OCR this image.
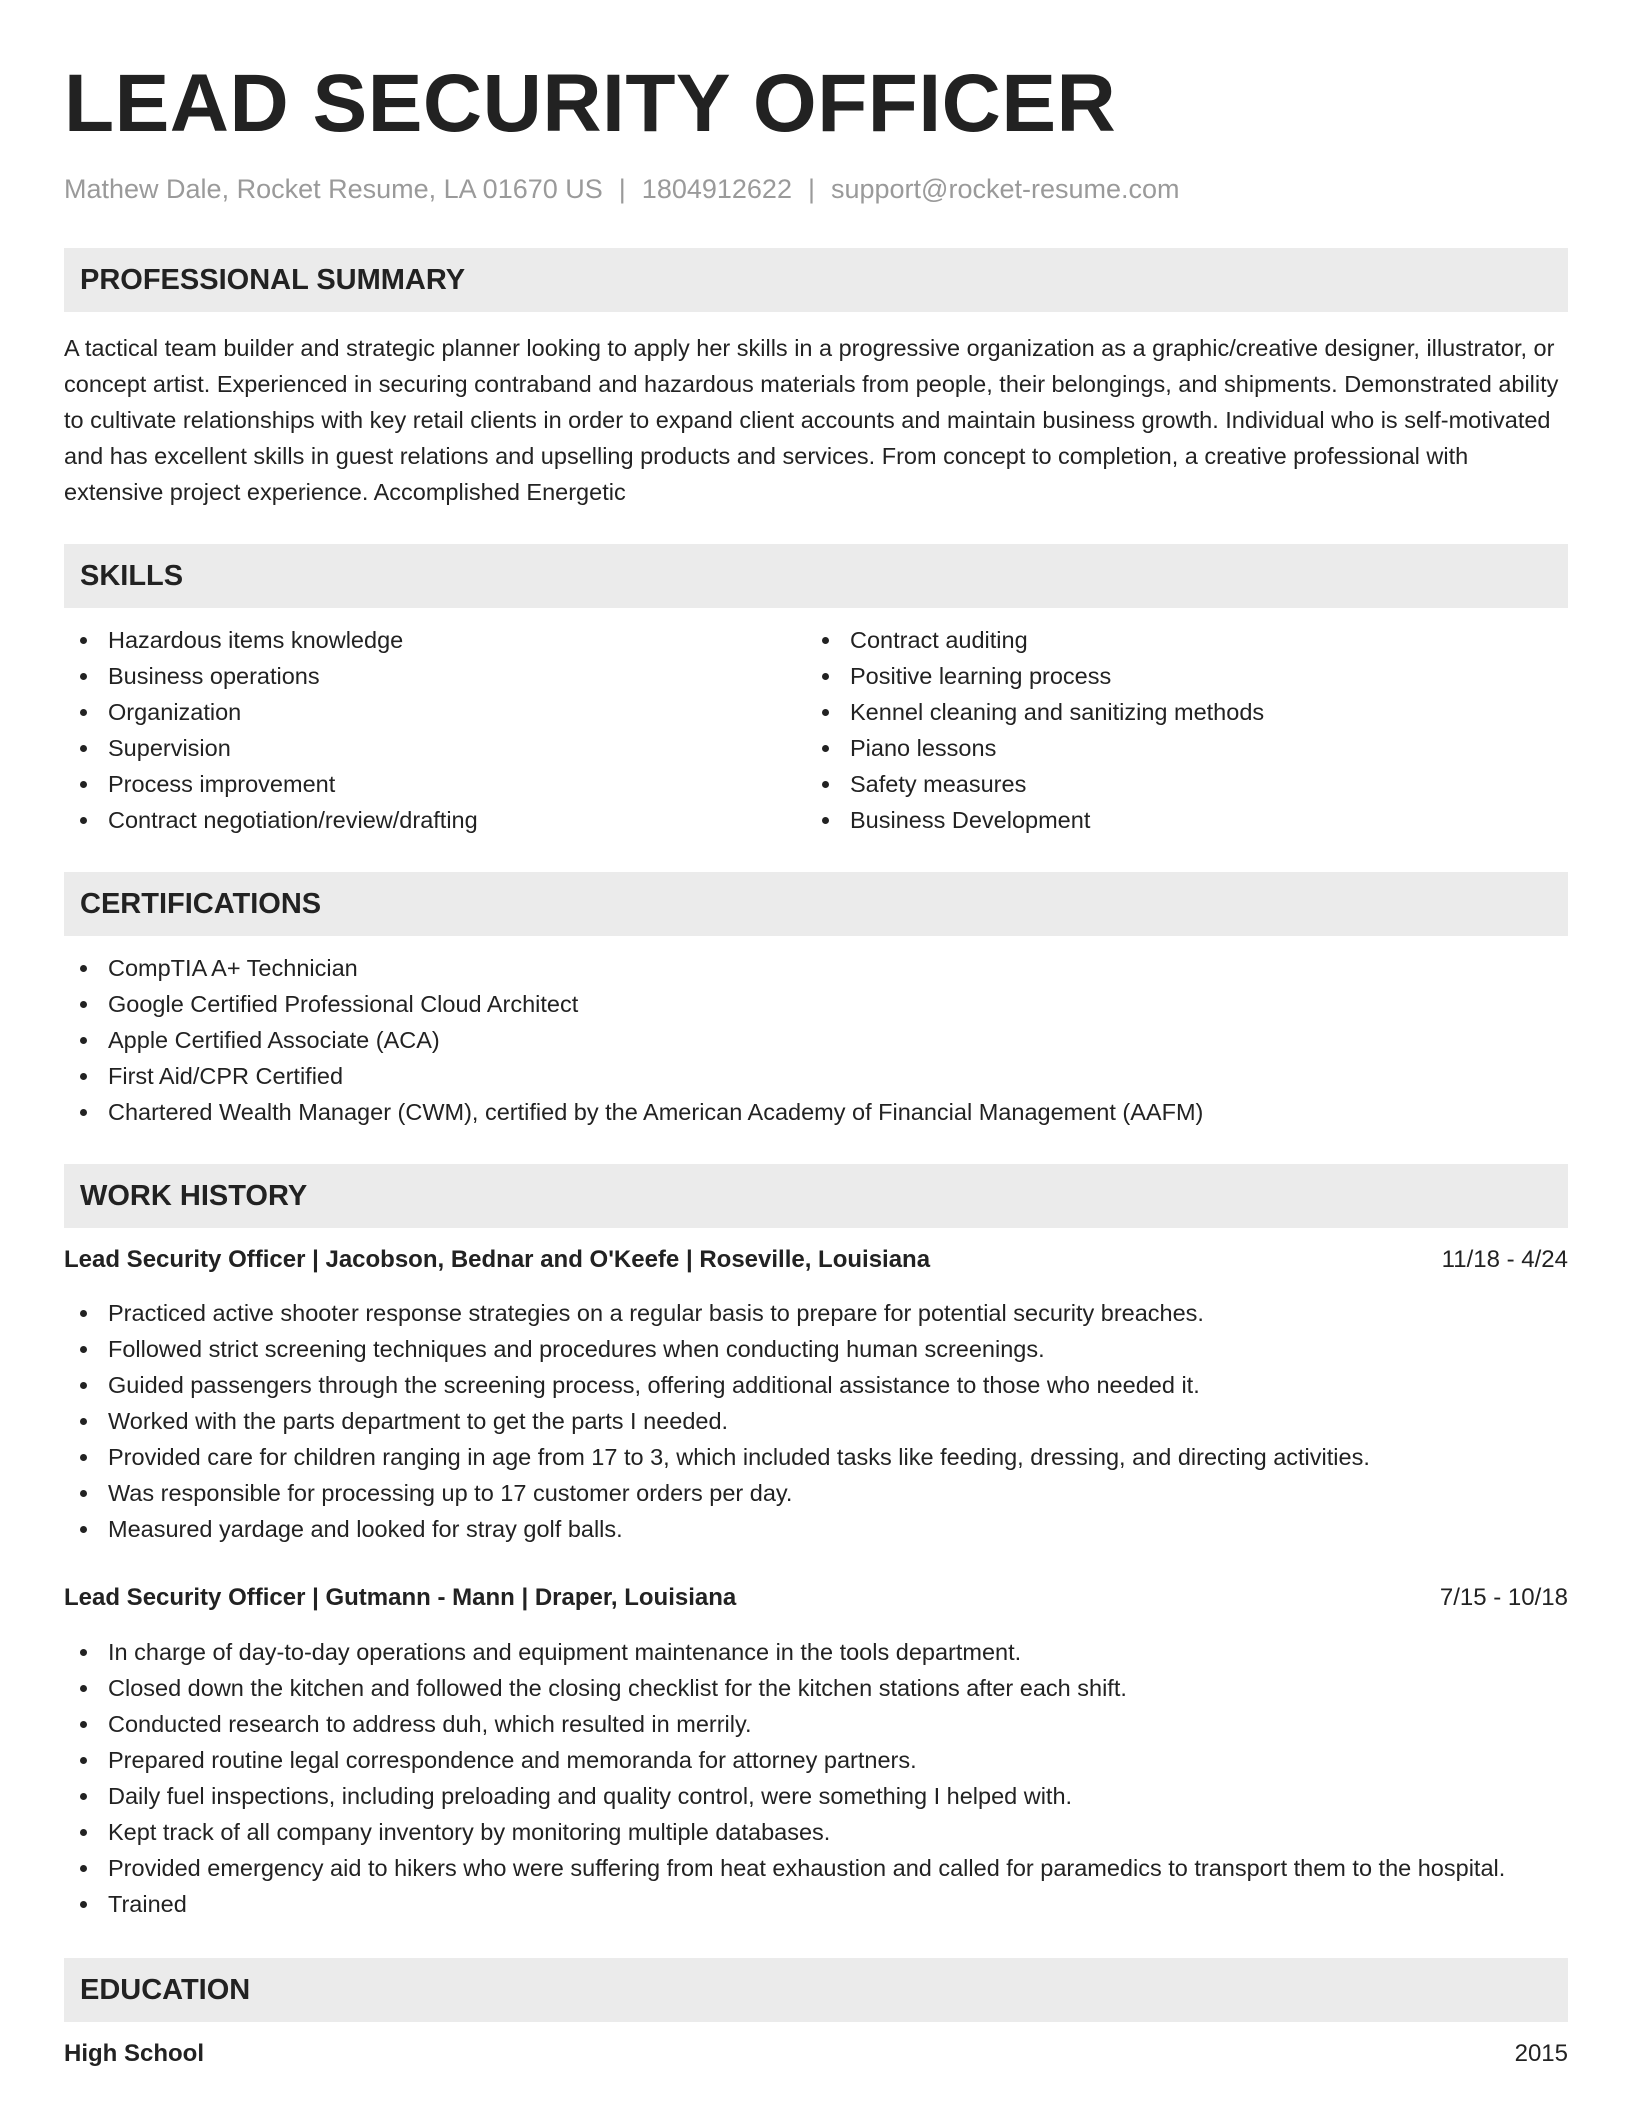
LEAD SECURITY OFFICER
Mathew Dale, Rocket Resume, LA 01670 US | 1804912622 | support@rocket-resume.com
PROFESSIONAL SUMMARY

A tactical team builder and strategic planner looking to apply her skills in a progressive organization as a graphic/creative designer, illustrator, or concept artist. Experienced in securing contraband and hazardous materials from people, their belongings, and shipments. Demonstrated ability to cultivate relationships with key retail clients in order to expand client accounts and maintain business growth. Individual who is self-motivated and has excellent skills in guest relations and upselling products and services. From concept to completion, a creative professional with extensive project experience. Accomplished Energetic

SKILLS
Hazardous items knowledge
Business operations
Organization
Supervision
Process improvement
Contract negotiation/review/drafting
Contract auditing
Positive learning process
Kennel cleaning and sanitizing methods
Piano lessons
Safety measures
Business Development
CERTIFICATIONS
CompTIA A+ Technician
Google Certified Professional Cloud Architect
Apple Certified Associate (ACA)
First Aid/CPR Certified
Chartered Wealth Manager (CWM), certified by the American Academy of Financial Management (AAFM)
WORK HISTORY
Lead Security Officer | Jacobson, Bednar and O'Keefe | Roseville, Louisiana	11/18 - 4/24
Practiced active shooter response strategies on a regular basis to prepare for potential security breaches.
Followed strict screening techniques and procedures when conducting human screenings.
Guided passengers through the screening process, offering additional assistance to those who needed it.
Worked with the parts department to get the parts I needed.
Provided care for children ranging in age from 17 to 3, which included tasks like feeding, dressing, and directing activities.
Was responsible for processing up to 17 customer orders per day.
Measured yardage and looked for stray golf balls.
Lead Security Officer | Gutmann - Mann | Draper, Louisiana	7/15 - 10/18
In charge of day-to-day operations and equipment maintenance in the tools department.
Closed down the kitchen and followed the closing checklist for the kitchen stations after each shift.
Conducted research to address duh, which resulted in merrily.
Prepared routine legal correspondence and memoranda for attorney partners.
Daily fuel inspections, including preloading and quality control, were something I helped with.
Kept track of all company inventory by monitoring multiple databases.
Provided emergency aid to hikers who were suffering from heat exhaustion and called for paramedics to transport them to the hospital.
Trained
EDUCATION
High School	2015
